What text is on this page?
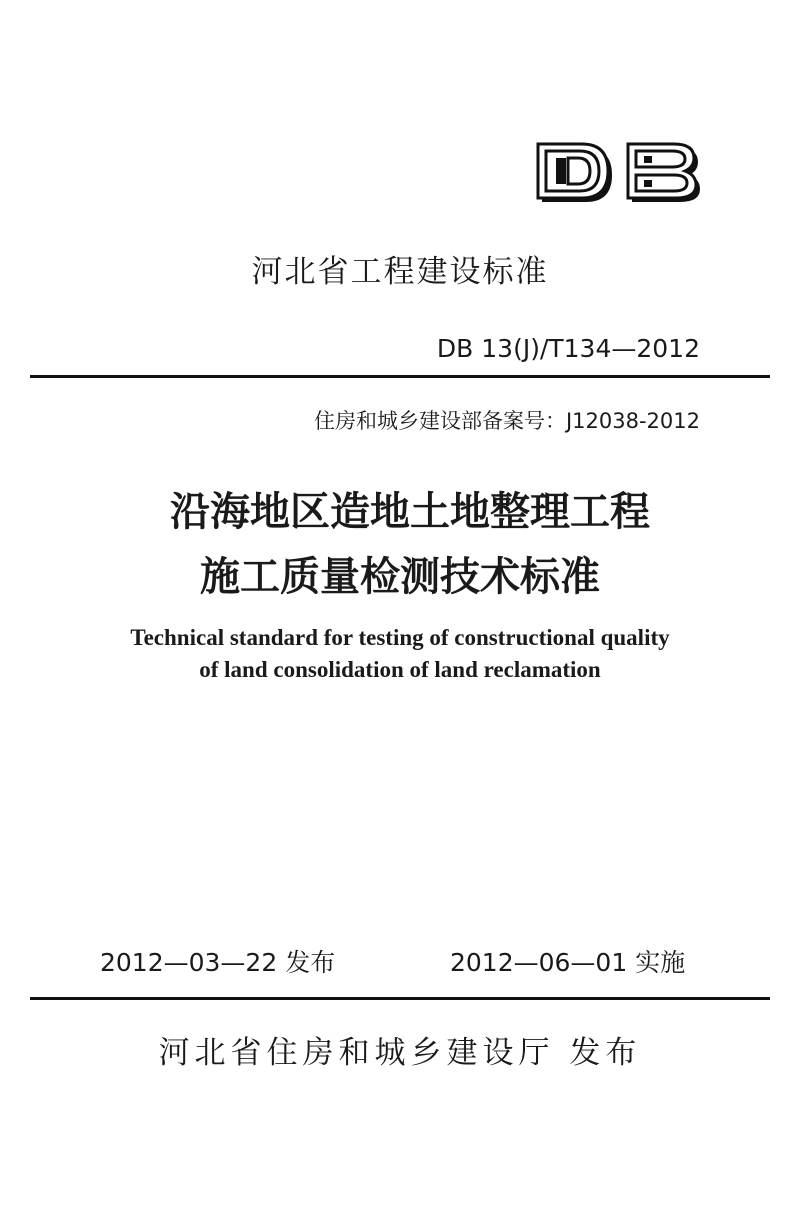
河北省工程建设标准
DB 13(J)/T134—2012
住房和城乡建设部备案号：J12038-2012
沿海地区造地土地整理工程
施工质量检测技术标准
Technical standard for testing of constructional quality
of land consolidation of land reclamation
2012—03—22 发布	2012—06—01 实施
河北省住房和城乡建设厅 发布
